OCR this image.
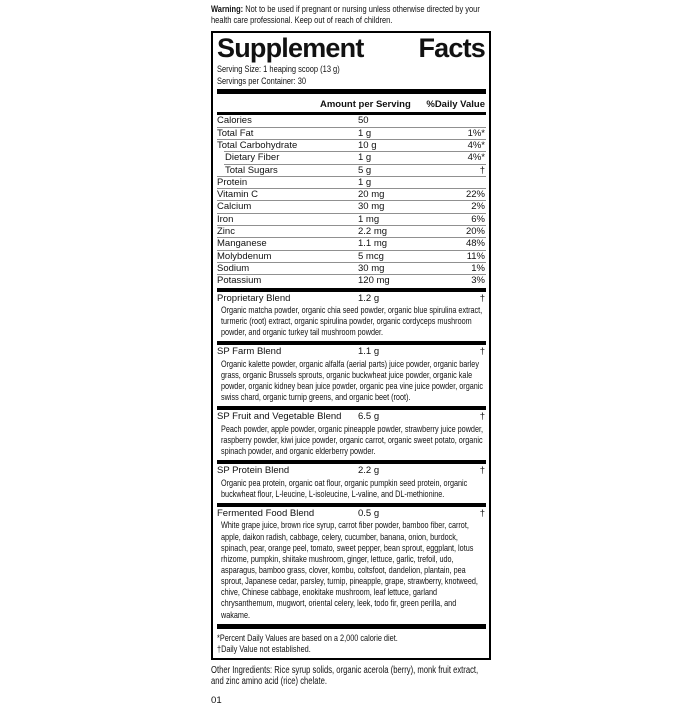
Warning: Not to be used if pregnant or nursing unless otherwise directed by your health care professional. Keep out of reach of children.
Supplement Facts
Serving Size: 1 heaping scoop (13 g)
Servings per Container: 30
Amount per Serving %Daily Value
Calories	50
Total Fat	1 g	1%*
Total Carbohydrate	10 g	4%*
Dietary Fiber	1 g	4%*
Total Sugars	5 g	†
Protein	1 g
Vitamin C	20 mg	22%
Calcium	30 mg	2%
Iron	1 mg	6%
Zinc	2.2 mg	20%
Manganese	1.1 mg	48%
Molybdenum	5 mcg	11%
Sodium	30 mg	1%
Potassium	120 mg	3%
Proprietary Blend	1.2 g	†
Organic matcha powder, organic chia seed powder, organic blue spirulina extract, turmeric (root) extract, organic spirulina powder, organic cordyceps mushroom powder, and organic turkey tail mushroom powder.
SP Farm Blend	1.1 g	†
Organic kalette powder, organic alfalfa (aerial parts) juice powder, organic barley grass, organic Brussels sprouts, organic buckwheat juice powder, organic kale powder, organic kidney bean juice powder, organic pea vine juice powder, organic swiss chard, organic turnip greens, and organic beet (root).
SP Fruit and Vegetable Blend 6.5 g	†
Peach powder, apple powder, organic pineapple powder, strawberry juice powder, raspberry powder, kiwi juice powder, organic carrot, organic sweet potato, organic spinach powder, and organic elderberry powder.
SP Protein Blend	2.2 g	†
Organic pea protein, organic oat flour, organic pumpkin seed protein, organic buckwheat flour, L-leucine, L-isoleucine, L-valine, and DL-methionine.
Fermented Food Blend	0.5 g	†
White grape juice, brown rice syrup, carrot fiber powder, bamboo fiber, carrot, apple, daikon radish, cabbage, celery, cucumber, banana, onion, burdock, spinach, pear, orange peel, tomato, sweet pepper, bean sprout, eggplant, lotus rhizome, pumpkin, shiitake mushroom, ginger, lettuce, garlic, trefoil, udo, asparagus, bamboo grass, clover, kombu, coltsfoot, dandelion, plantain, pea sprout, Japanese cedar, parsley, turnip, pineapple, grape, strawberry, knotweed, chive, Chinese cabbage, enokitake mushroom, leaf lettuce, garland chrysanthemum, mugwort, oriental celery, leek, todo fir, green perilla, and wakame.
*Percent Daily Values are based on a 2,000 calorie diet.
†Daily Value not established.
Other Ingredients: Rice syrup solids, organic acerola (berry), monk fruit extract, and zinc amino acid (rice) chelate.
01
